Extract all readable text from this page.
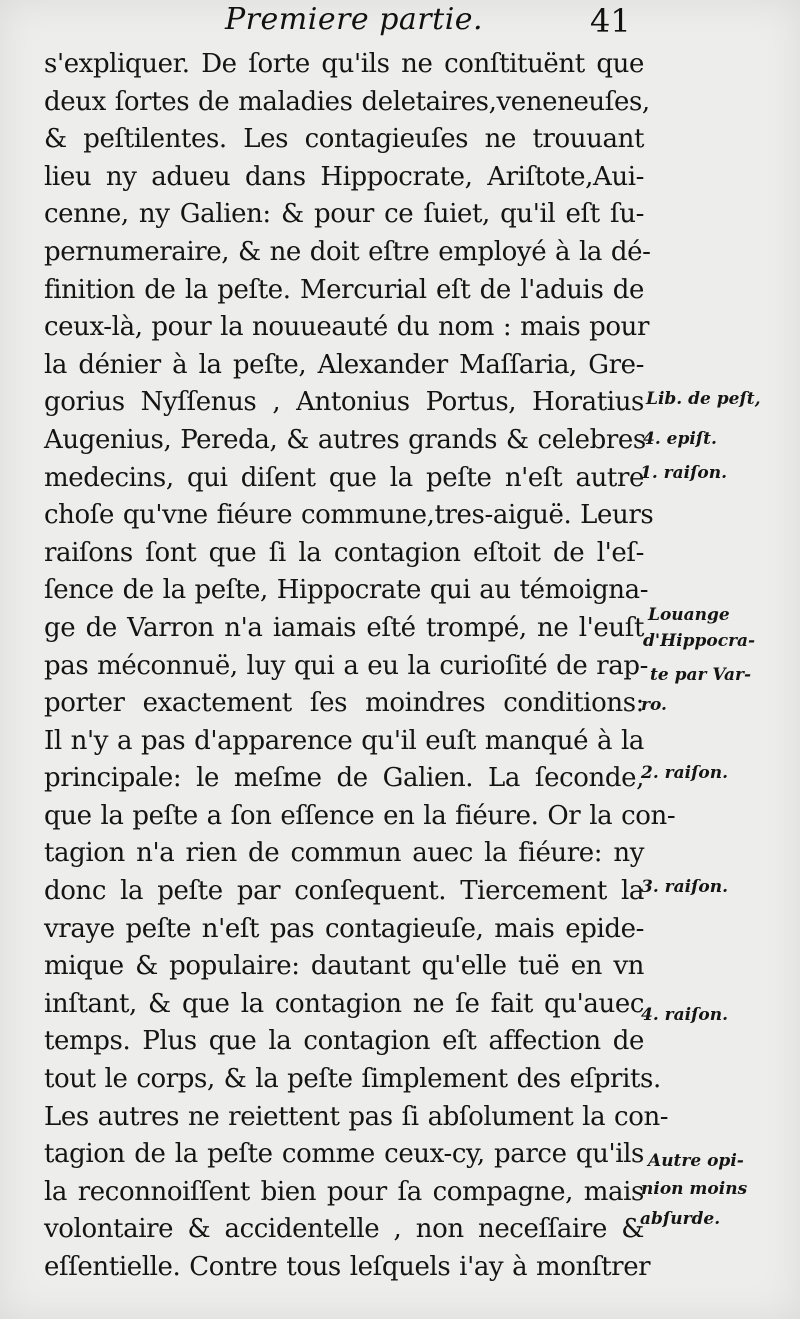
Premiere partie.	41
s'expliquer. De ſorte qu'ils ne conſtituënt que
deux ſortes de maladies deletaires,veneneuſes,
& peſtilentes. Les contagieuſes ne trouuant
lieu ny adueu dans Hippocrate, Ariſtote,Aui-
cenne, ny Galien: & pour ce ſuiet, qu'il eſt ſu-
pernumeraire, & ne doit eſtre employé à la dé-
finition de la peſte. Mercurial eſt de l'aduis de
ceux-là, pour la nouueauté du nom : mais pour
la dénier à la peſte, Alexander Maſſaria, Gre-
gorius Nyſſenus , Antonius Portus, Horatius
Augenius, Pereda, & autres grands & celebres
medecins, qui diſent que la peſte n'eſt autre
choſe qu'vne fiéure commune,tres-aiguë. Leurs
raiſons ſont que ſi la contagion eſtoit de l'eſ-
ſence de la peſte, Hippocrate qui au témoigna-
ge de Varron n'a iamais eſté trompé, ne l'euſt
pas méconnuë, luy qui a eu la curioſité de rap-
porter exactement ſes moindres conditions:
Il n'y a pas d'apparence qu'il euſt manqué à la
principale: le meſme de Galien. La ſeconde,
que la peſte a ſon eſſence en la fiéure. Or la con-
tagion n'a rien de commun auec la fiéure: ny
donc la peſte par conſequent. Tiercement la
vraye peſte n'eſt pas contagieuſe, mais epide-
mique & populaire: dautant qu'elle tuë en vn
inſtant, & que la contagion ne ſe fait qu'auec
temps. Plus que la contagion eſt affection de
tout le corps, & la peſte ſimplement des eſprits.
Les autres ne reiettent pas ſi abſolument la con-
tagion de la peſte comme ceux-cy, parce qu'ils
la reconnoiſſent bien pour ſa compagne, mais
volontaire & accidentelle , non neceſſaire &
eſſentielle. Contre tous leſquels i'ay à monſtrer
Lib. de peſt,
4. epiſt.
1. raiſon.
Louange
d'Hippocra-
te par Var-
ro.
2. raiſon.
3. raiſon.
4. raiſon.
Autre opi-
nion moins
abſurde.
